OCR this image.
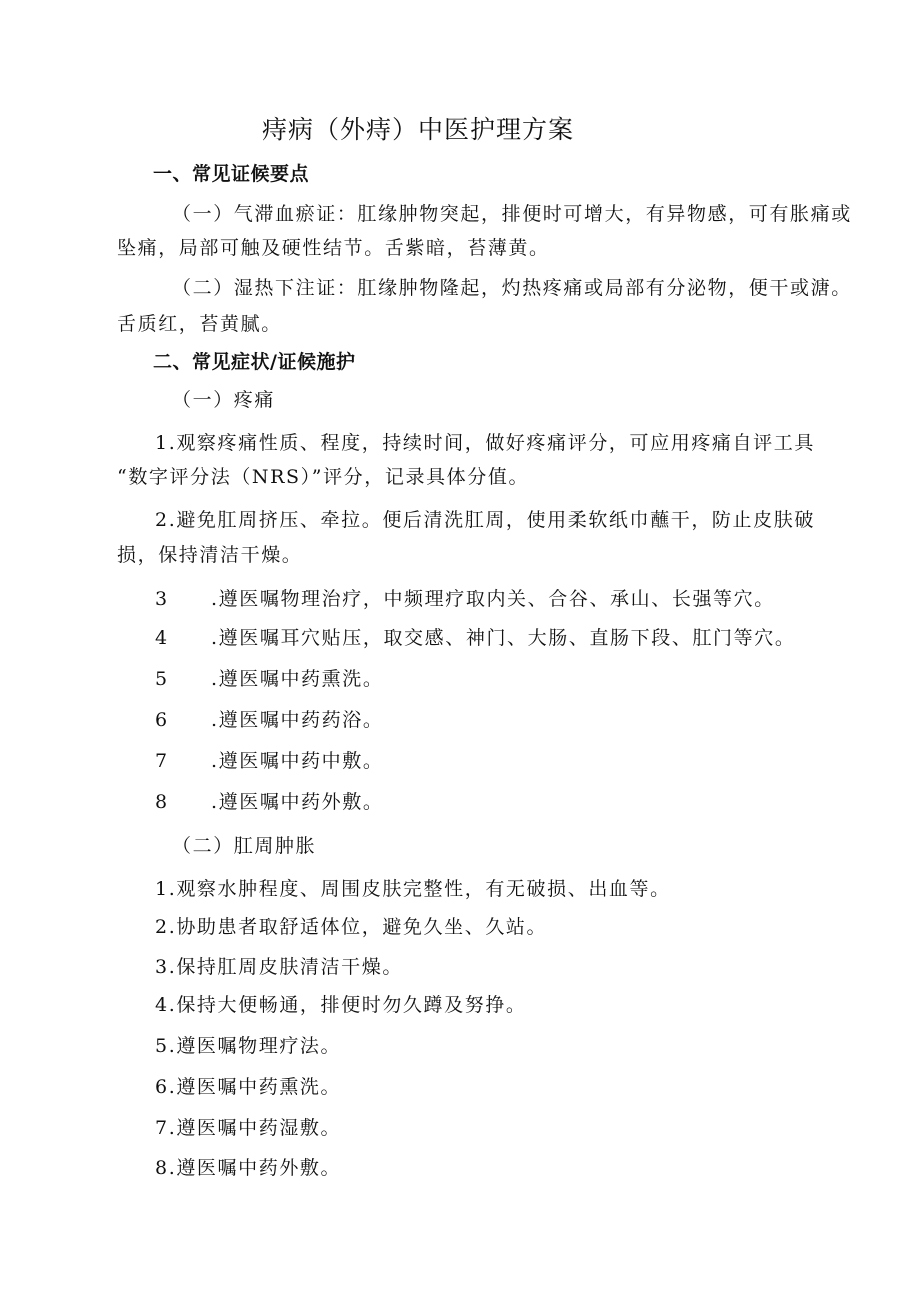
痔病（外痔）中医护理方案
一、常见证候要点
（一）气滞血瘀证：肛缘肿物突起，排便时可增大，有异物感，可有胀痛或
坠痛，局部可触及硬性结节。舌紫暗，苔薄黄。
（二）湿热下注证：肛缘肿物隆起，灼热疼痛或局部有分泌物，便干或溏。
舌质红，苔黄腻。
二、常见症状/证候施护
（一）疼痛
1.观察疼痛性质、程度，持续时间，做好疼痛评分，可应用疼痛自评工具
“数字评分法（NRS）”评分，记录具体分值。
2.避免肛周挤压、牵拉。便后清洗肛周，使用柔软纸巾蘸干，防止皮肤破
损，保持清洁干燥。
3 .遵医嘱物理治疗，中频理疗取内关、合谷、承山、长强等穴。
4 .遵医嘱耳穴贴压，取交感、神门、大肠、直肠下段、肛门等穴。
5 .遵医嘱中药熏洗。
6 .遵医嘱中药药浴。
7 .遵医嘱中药中敷。
8 .遵医嘱中药外敷。
（二）肛周肿胀
1.观察水肿程度、周围皮肤完整性，有无破损、出血等。
2.协助患者取舒适体位，避免久坐、久站。
3.保持肛周皮肤清洁干燥。
4.保持大便畅通，排便时勿久蹲及努挣。
5.遵医嘱物理疗法。
6.遵医嘱中药熏洗。
7.遵医嘱中药湿敷。
8.遵医嘱中药外敷。
